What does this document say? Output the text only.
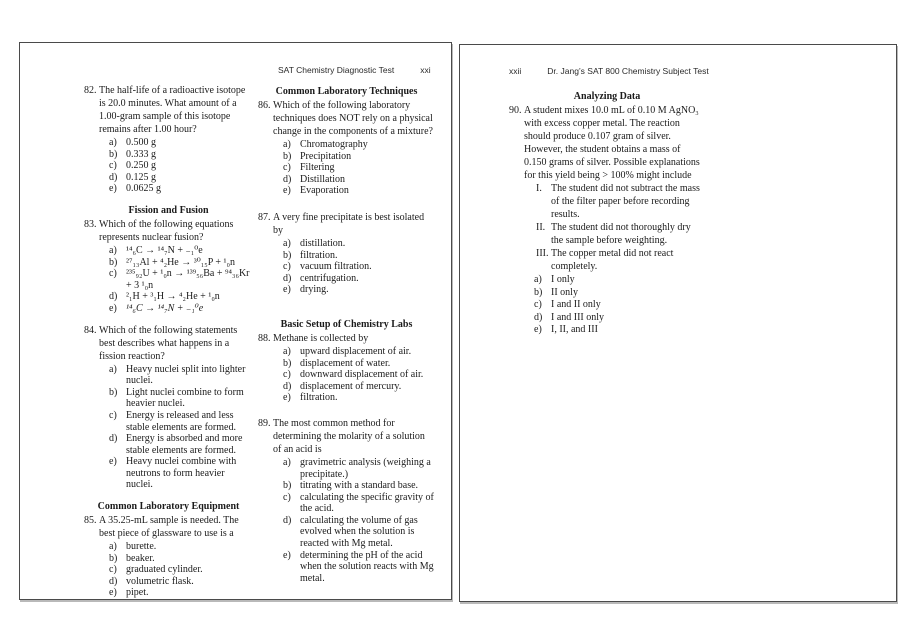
SAT Chemistry Diagnostic Test	xxi
82. The half-life of a radioactive isotope is 20.0 minutes. What amount of a 1.00-gram sample of this isotope remains after 1.00 hour?
a) 0.500 g
b) 0.333 g
c) 0.250 g
d) 0.125 g
e) 0.0625 g
Fission and Fusion
83. Which of the following equations represents nuclear fusion?
a) ¹⁴₆C → ¹⁴₇N + ₋₁⁰e
b) ²⁷₁₃Al + ⁴₂He → ³⁰₁₅P + ¹₀n
c) ²³⁵₉₂U + ¹₀n → ¹³⁹₅₆Ba + ⁹⁴₃₆Kr + 3 ¹₀n
d) ²₁H + ³₁H → ⁴₂He + ¹₀n
e) ¹⁴₆C → ¹⁴₇N + ₋₁⁰e
84. Which of the following statements best describes what happens in a fission reaction?
a) Heavy nuclei split into lighter nuclei.
b) Light nuclei combine to form heavier nuclei.
c) Energy is released and less stable elements are formed.
d) Energy is absorbed and more stable elements are formed.
e) Heavy nuclei combine with neutrons to form heavier nuclei.
Common Laboratory Equipment
85. A 35.25-mL sample is needed. The best piece of glassware to use is a
a) burette.
b) beaker.
c) graduated cylinder.
d) volumetric flask.
e) pipet.
Common Laboratory Techniques
86. Which of the following laboratory techniques does NOT rely on a physical change in the components of a mixture?
a) Chromatography
b) Precipitation
c) Filtering
d) Distillation
e) Evaporation
87. A very fine precipitate is best isolated by
a) distillation.
b) filtration.
c) vacuum filtration.
d) centrifugation.
e) drying.
Basic Setup of Chemistry Labs
88. Methane is collected by
a) upward displacement of air.
b) displacement of water.
c) downward displacement of air.
d) displacement of mercury.
e) filtration.
89. The most common method for determining the molarity of a solution of an acid is
a) gravimetric analysis (weighing a precipitate.)
b) titrating with a standard base.
c) calculating the specific gravity of the acid.
d) calculating the volume of gas evolved when the solution is reacted with Mg metal.
e) determining the pH of the acid when the solution reacts with Mg metal.
xxii	Dr. Jang’s SAT 800 Chemistry Subject Test
Analyzing Data
90. A student mixes 10.0 mL of 0.10 M AgNO₃ with excess copper metal. The reaction should produce 0.107 gram of silver. However, the student obtains a mass of 0.150 grams of silver. Possible explanations for this yield being > 100% might include
I. The student did not subtract the mass of the filter paper before recording results.
II. The student did not thoroughly dry the sample before weighting.
III. The copper metal did not react completely.
a) I only
b) II only
c) I and II only
d) I and III only
e) I, II, and III
